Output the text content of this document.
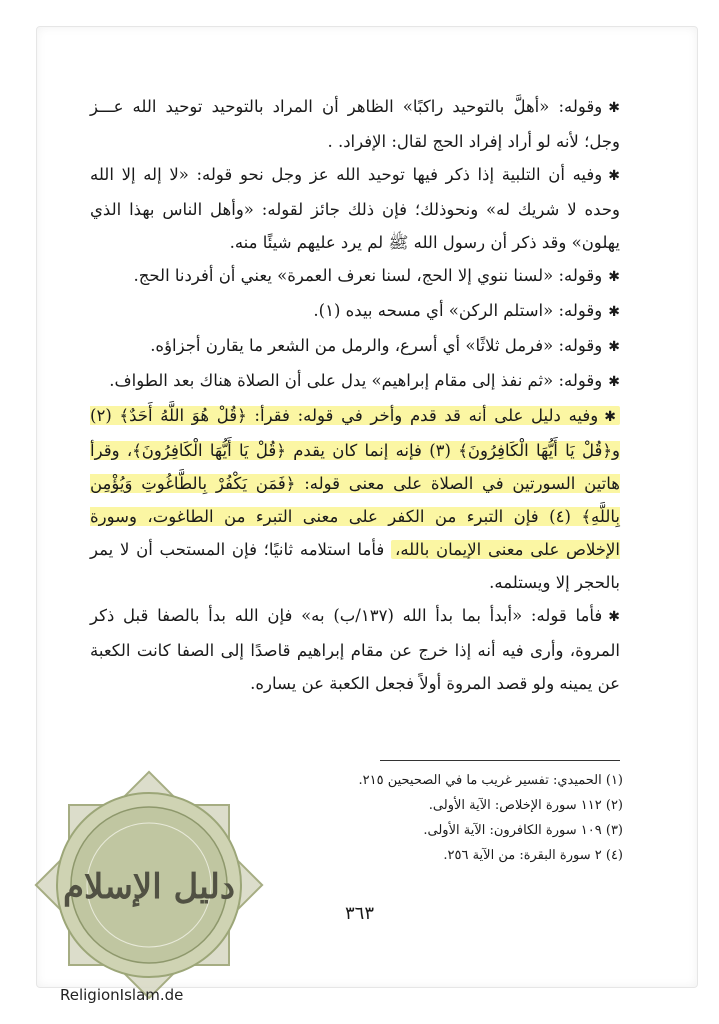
✱وقوله: «أهلَّ بالتوحيد راكبًا» الظاهر أن المراد بالتوحيد توحيد الله عـــز وجل؛ لأنه لو أراد إفراد الحج لقال: الإفراد. .

✱وفيه أن التلبية إذا ذكر فيها توحيد الله عز وجل نحو قوله: «لا إله إلا الله وحده لا شريك له» ونحوذلك؛ فإن ذلك جائز لقوله: «وأهل الناس بهذا الذي يهلون» وقد ذكر أن رسول الله ﷺ لم يرد عليهم شيئًا منه.

✱وقوله: «لسنا ننوي إلا الحج، لسنا نعرف العمرة» يعني أن أفردنا الحج.

✱وقوله: «استلم الركن» أي مسحه بيده (١).

✱وقوله: «فرمل ثلاثًا» أي أسرع، والرمل من الشعر ما يقارن أجزاؤه.

✱وقوله: «ثم نفذ إلى مقام إبراهيم» يدل على أن الصلاة هناك بعد الطواف.

✱وفيه دليل على أنه قد قدم وأخر في قوله: فقرأ: ﴿قُلْ هُوَ اللَّهُ أَحَدٌ﴾ (٢) و﴿قُلْ يَا أَيُّهَا الْكَافِرُونَ﴾ (٣) فإنه إنما كان يقدم ﴿قُلْ يَا أَيُّهَا الْكَافِرُونَ﴾، وقرأ هاتين السورتين في الصلاة على معنى قوله: ﴿فَمَن يَكْفُرْ بِالطَّاغُوتِ وَيُؤْمِن بِاللَّهِ﴾ (٤) فإن التبرء من الكفر على معنى التبرء من الطاغوت، وسورة الإخلاص على معنى الإيمان بالله، فأما استلامه ثانيًا؛ فإن المستحب أن لا يمر بالحجر إلا ويستلمه.

✱فأما قوله: «أبدأ بما بدأ الله (١٣٧/ب) به» فإن الله بدأ بالصفا قبل ذكر المروة، وأرى فيه أنه إذا خرج عن مقام إبراهيم قاصدًا إلى الصفا كانت الكعبة عن يمينه ولو قصد المروة أولاً فجعل الكعبة عن يساره.

(١) الحميدي: تفسير غريب ما في الصحيحين ٢١٥.
(٢) ١١٢ سورة الإخلاص: الآية الأولى.
(٣) ١٠٩ سورة الكافرون: الآية الأولى.
(٤) ٢ سورة البقرة: من الآية ٢٥٦.
٣٦٣
دليل الإسلام
ReligionIslam.de
